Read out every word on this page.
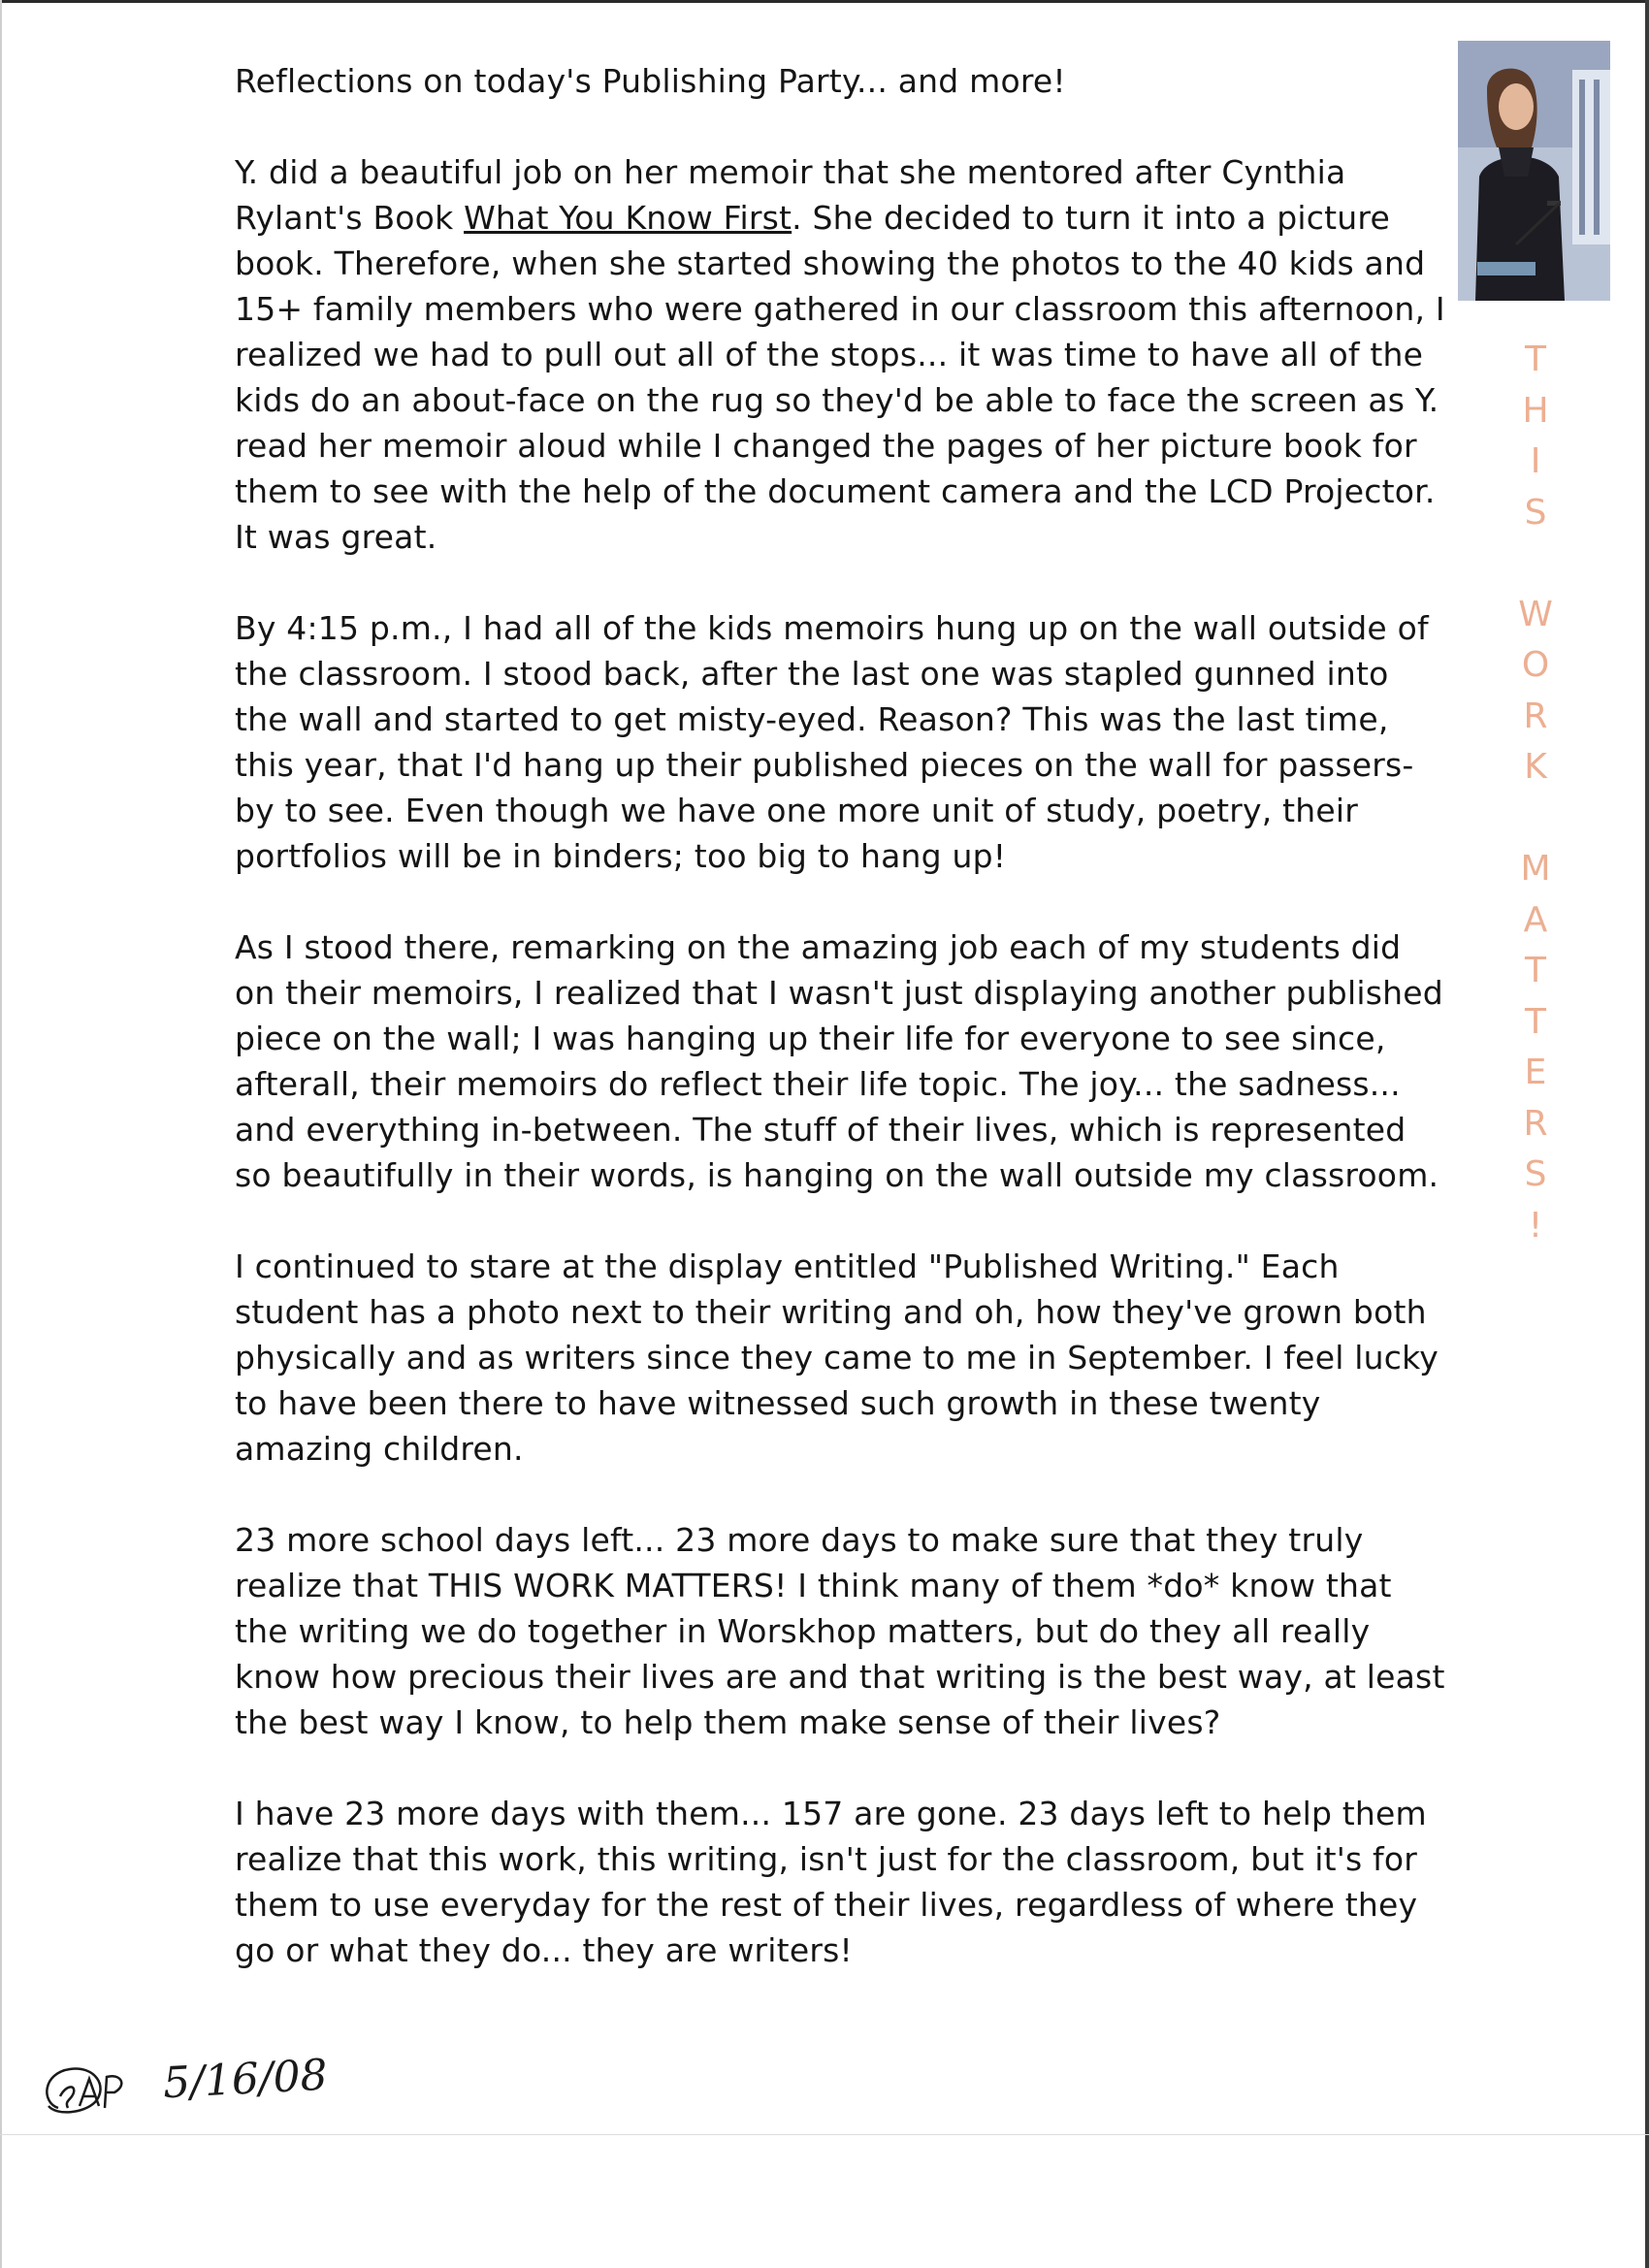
Reflections on today's Publishing Party... and more!

Y. did a beautiful job on her memoir that she mentored after Cynthia Rylant's Book What You Know First. She decided to turn it into a picture book. Therefore, when she started showing the photos to the 40 kids and 15+ family members who were gathered in our classroom this afternoon, I realized we had to pull out all of the stops... it was time to have all of the kids do an about-face on the rug so they'd be able to face the screen as Y. read her memoir aloud while I changed the pages of her picture book for them to see with the help of the document camera and the LCD Projector. It was great.

By 4:15 p.m., I had all of the kids memoirs hung up on the wall outside of the classroom. I stood back, after the last one was stapled gunned into the wall and started to get misty-eyed. Reason? This was the last time, this year, that I'd hang up their published pieces on the wall for passers-by to see. Even though we have one more unit of study, poetry, their portfolios will be in binders; too big to hang up!

As I stood there, remarking on the amazing job each of my students did on their memoirs, I realized that I wasn't just displaying another published piece on the wall; I was hanging up their life for everyone to see since, afterall, their memoirs do reflect their life topic. The joy... the sadness... and everything in-between. The stuff of their lives, which is represented so beautifully in their words, is hanging on the wall outside my classroom.

I continued to stare at the display entitled "Published Writing." Each student has a photo next to their writing and oh, how they've grown both physically and as writers since they came to me in September. I feel lucky to have been there to have witnessed such growth in these twenty amazing children.

23 more school days left... 23 more days to make sure that they truly realize that THIS WORK MATTERS! I think many of them *do* know that the writing we do together in Worskhop matters, but do they all really know how precious their lives are and that writing is the best way, at least the best way I know, to help them make sense of their lives?

I have 23 more days with them... 157 are gone. 23 days left to help them realize that this work, this writing, isn't just for the classroom, but it's for them to use everyday for the rest of their lives, regardless of where they go or what they do... they are writers!

T
H
I
S
W
O
R
K
M
A
T
T
E
R
S
!
5/16/08
